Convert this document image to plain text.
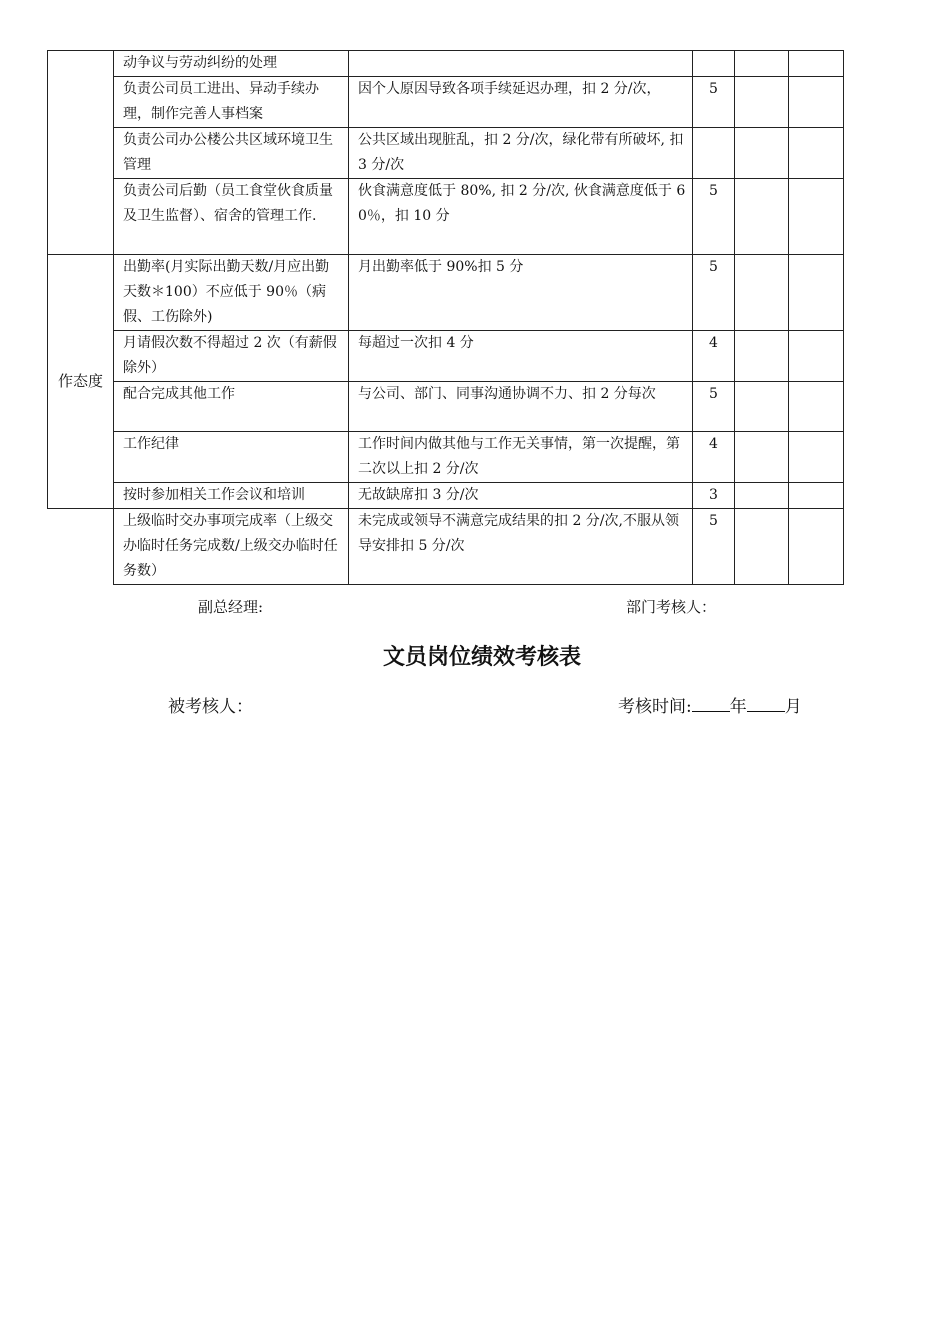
	动争议与劳动纠纷的处理				
	负责公司员工进出、异动手续办理，制作完善人事档案	因个人原因导致各项手续延迟办理，扣 2 分/次，	5		
	负责公司办公楼公共区域环境卫生管理	公共区域出现脏乱，扣 2 分/次，绿化带有所破坏, 扣 3 分/次			
	负责公司后勤（员工食堂伙食质量及卫生监督）、宿舍的管理工作.	伙食满意度低于 80%, 扣 2 分/次, 伙食满意度低于 60％，扣 10 分	5		
作态度	出勤率(月实际出勤天数/月应出勤天数＊100）不应低于 90％（病假、工伤除外)	月出勤率低于 90%扣 5 分	5		
	月请假次数不得超过 2 次（有薪假除外）	每超过一次扣 4 分	4		
	配合完成其他工作	与公司、部门、同事沟通协调不力、扣 2 分每次	5		
	工作纪律	工作时间内做其他与工作无关事情，第一次提醒，第二次以上扣 2 分/次	4		
	按时参加相关工作会议和培训	无故缺席扣 3 分/次	3		
	上级临时交办事项完成率（上级交办临时任务完成数/上级交办临时任务数）	未完成或领导不满意完成结果的扣 2 分/次,不服从领导安排扣 5 分/次	5		
副总经理:	部门考核人：
文员岗位绩效考核表
被考核人：	考核时间: 年 月
